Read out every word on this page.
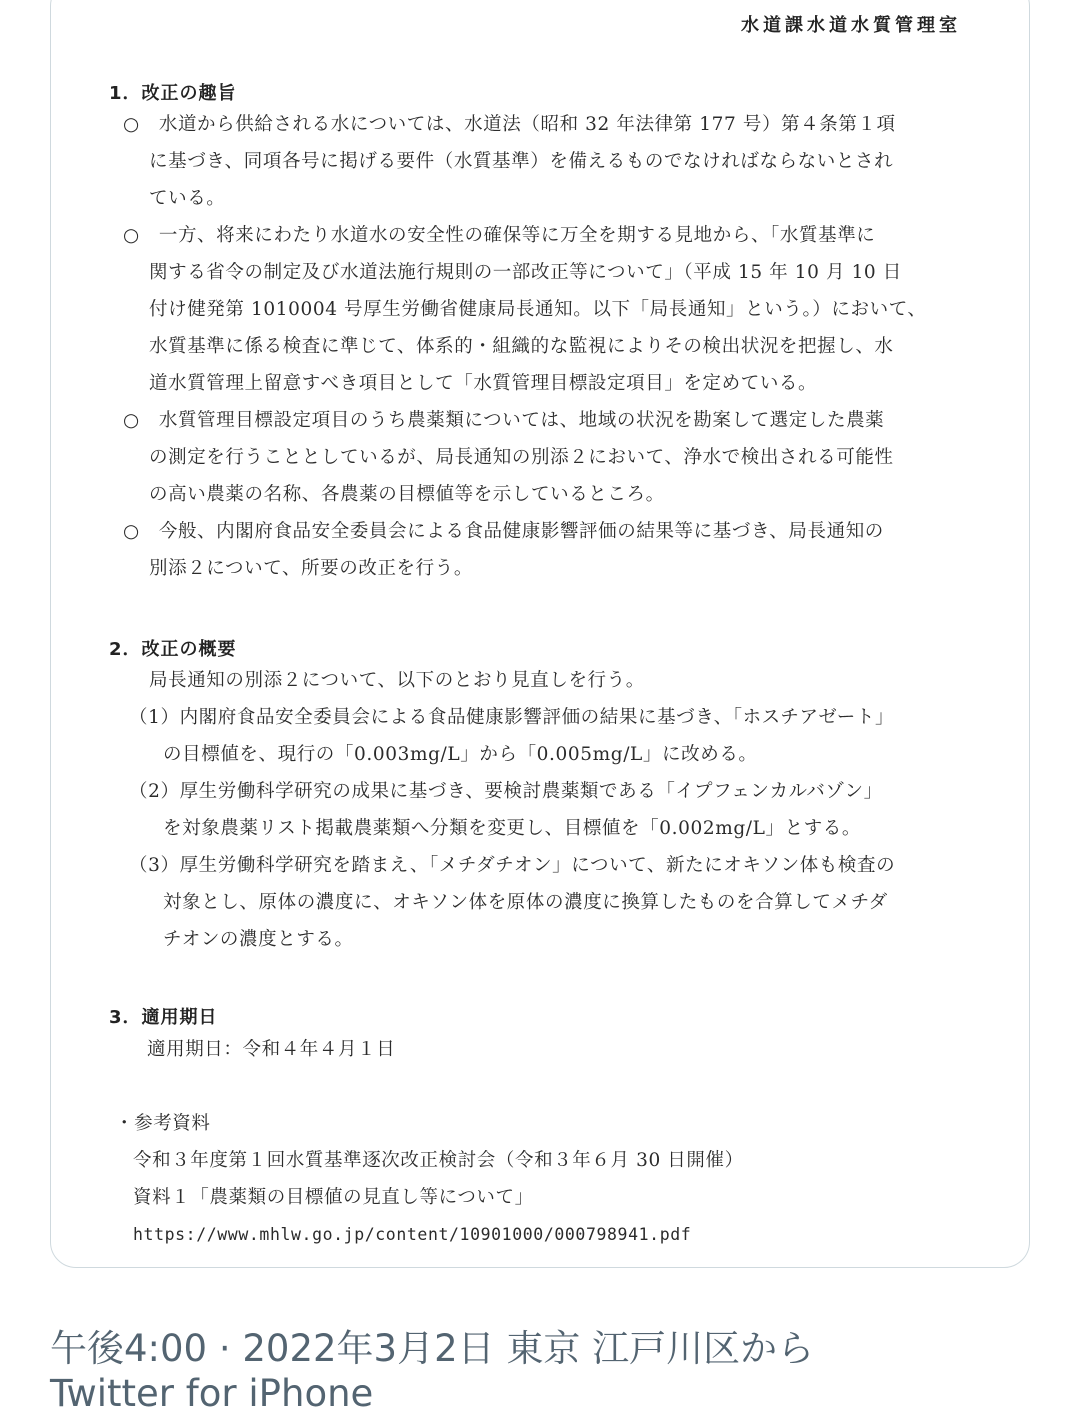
水道課水道水質管理室
1．改正の趣旨
○　水道から供給される水については、水道法（昭和 32 年法律第 177 号）第４条第１項
に基づき、同項各号に掲げる要件（水質基準）を備えるものでなければならないとされ
ている。
○　一方、将来にわたり水道水の安全性の確保等に万全を期する見地から、「水質基準に
関する省令の制定及び水道法施行規則の一部改正等について」（平成 15 年 10 月 10 日
付け健発第 1010004 号厚生労働省健康局長通知。以下「局長通知」という。）において、
水質基準に係る検査に準じて、体系的・組織的な監視によりその検出状況を把握し、水
道水質管理上留意すべき項目として「水質管理目標設定項目」を定めている。
○　水質管理目標設定項目のうち農薬類については、地域の状況を勘案して選定した農薬
の測定を行うこととしているが、局長通知の別添２において、浄水で検出される可能性
の高い農薬の名称、各農薬の目標値等を示しているところ。
○　今般、内閣府食品安全委員会による食品健康影響評価の結果等に基づき、局長通知の
別添２について、所要の改正を行う。
2．改正の概要
局長通知の別添２について、以下のとおり見直しを行う。
（1）内閣府食品安全委員会による食品健康影響評価の結果に基づき、「ホスチアゼート」
の目標値を、現行の「0.003mg/L」から「0.005mg/L」に改める。
（2）厚生労働科学研究の成果に基づき、要検討農薬類である「イプフェンカルバゾン」
を対象農薬リスト掲載農薬類へ分類を変更し、目標値を「0.002mg/L」とする。
（3）厚生労働科学研究を踏まえ、「メチダチオン」について、新たにオキソン体も検査の
対象とし、原体の濃度に、オキソン体を原体の濃度に換算したものを合算してメチダ
チオンの濃度とする。
3．適用期日
適用期日：令和４年４月１日
・参考資料
令和３年度第１回水質基準逐次改正検討会（令和３年６月 30 日開催）
資料１「農薬類の目標値の見直し等について」
https://www.mhlw.go.jp/content/10901000/000798941.pdf
午後4:00 · 2022年3月2日 東京 江戸川区から
Twitter for iPhone
